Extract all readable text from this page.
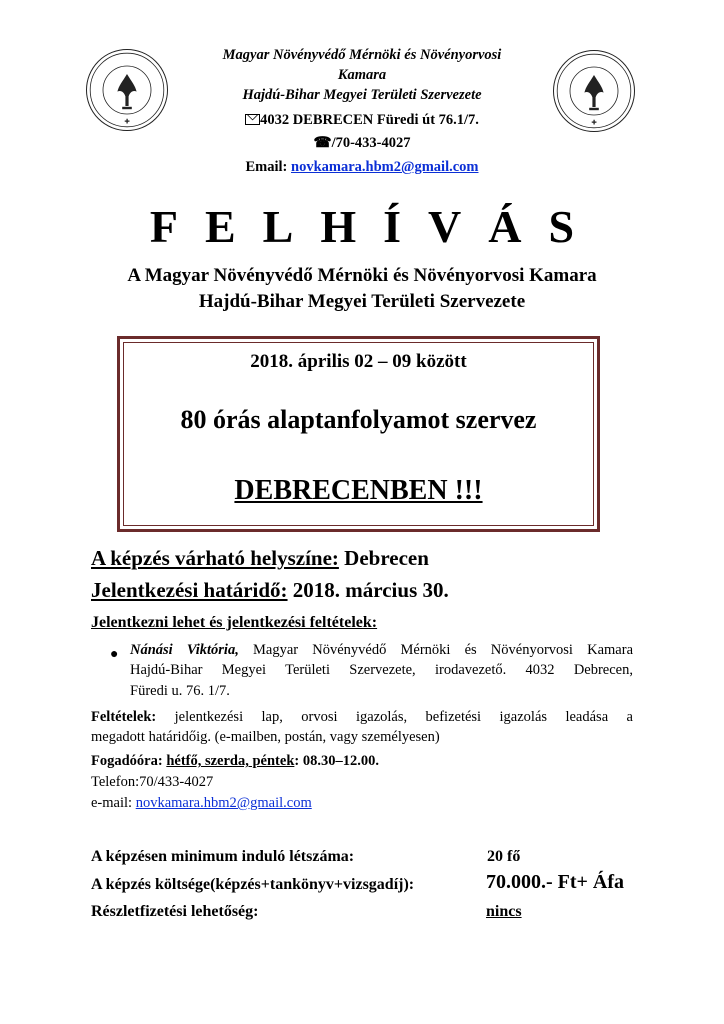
✚	✚
Magyar Növényvédő Mérnöki és Növényorvosi
Kamara
Hajdú-Bihar Megyei Területi Szervezete
4032 DEBRECEN Füredi út 76.1/7.
☎/70-433-4027
Email: novkamara.hbm2@gmail.com
FELHÍVÁS
A Magyar Növényvédő Mérnöki és Növényorvosi Kamara
Hajdú-Bihar Megyei Területi Szervezete
2018. április 02 – 09 között
80 órás alaptanfolyamot szervez
DEBRECENBEN !!!
A képzés várható helyszíne: Debrecen
Jelentkezési határidő: 2018. március 30.
Jelentkezni lehet és jelentkezési feltételek:
● Nánási Viktória, Magyar Növényvédő Mérnöki és Növényorvosi Kamara
Hajdú-Bihar Megyei Területi Szervezete, irodavezető. 4032 Debrecen,
Füredi u. 76. 1/7.
Feltételek: jelentkezési lap, orvosi igazolás, befizetési igazolás leadása a
megadott határidőig. (e-mailben, postán, vagy személyesen)
Fogadóóra: hétfő, szerda, péntek: 08.30–12.00.
Telefon:70/433-4027
e-mail: novkamara.hbm2@gmail.com
A képzésen minimum induló létszáma:	20 fő
A képzés költsége(képzés+tankönyv+vizsgadíj):	70.000.- Ft+ Áfa
Részletfizetési lehetőség:	nincs
